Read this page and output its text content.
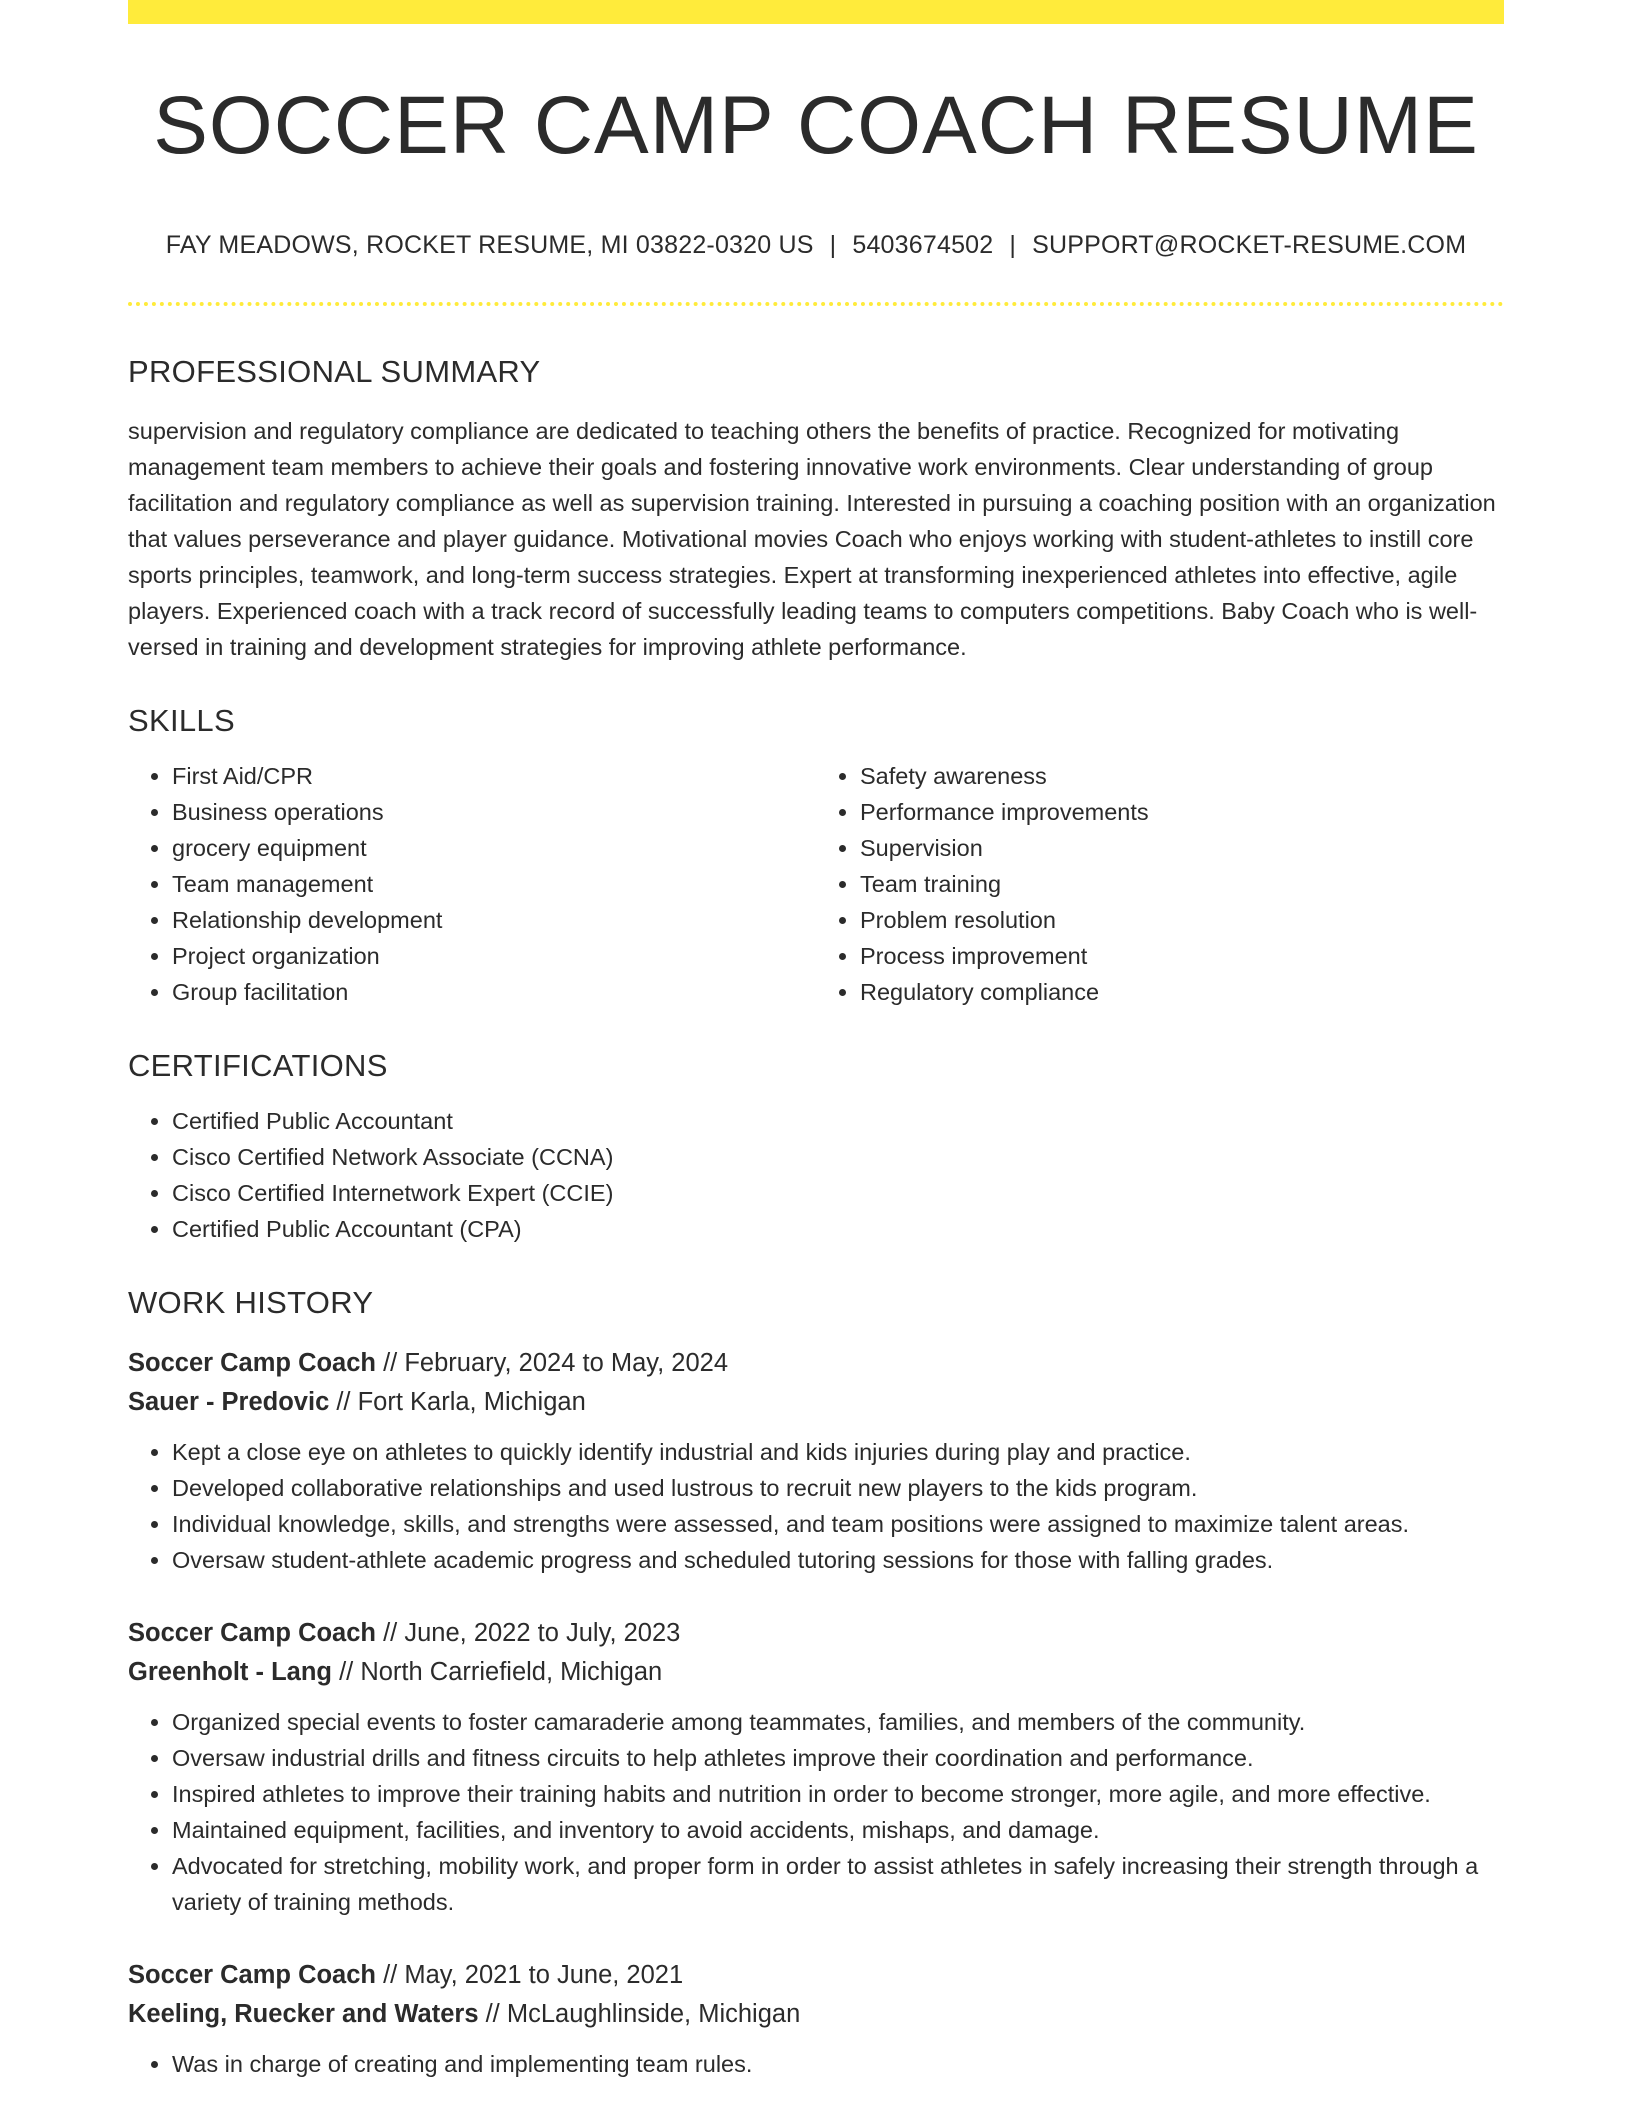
SOCCER CAMP COACH RESUME
FAY MEADOWS, ROCKET RESUME, MI 03822-0320 US | 5403674502 | SUPPORT@ROCKET-RESUME.COM
PROFESSIONAL SUMMARY

supervision and regulatory compliance are dedicated to teaching others the benefits of practice. Recognized for motivating management team members to achieve their goals and fostering innovative work environments. Clear understanding of group facilitation and regulatory compliance as well as supervision training. Interested in pursuing a coaching position with an organization that values perseverance and player guidance. Motivational movies Coach who enjoys working with student-athletes to instill core sports principles, teamwork, and long-term success strategies. Expert at transforming inexperienced athletes into effective, agile players. Experienced coach with a track record of successfully leading teams to computers competitions. Baby Coach who is well-versed in training and development strategies for improving athlete performance.

SKILLS
• First Aid/CPR
• Business operations
• grocery equipment
• Team management
• Relationship development
• Project organization
• Group facilitation
• Safety awareness
• Performance improvements
• Supervision
• Team training
• Problem resolution
• Process improvement
• Regulatory compliance
CERTIFICATIONS
• Certified Public Accountant
• Cisco Certified Network Associate (CCNA)
• Cisco Certified Internetwork Expert (CCIE)
• Certified Public Accountant (CPA)
WORK HISTORY
Soccer Camp Coach // February, 2024 to May, 2024
Sauer - Predovic // Fort Karla, Michigan
• Kept a close eye on athletes to quickly identify industrial and kids injuries during play and practice.
• Developed collaborative relationships and used lustrous to recruit new players to the kids program.
• Individual knowledge, skills, and strengths were assessed, and team positions were assigned to maximize talent areas.
• Oversaw student-athlete academic progress and scheduled tutoring sessions for those with falling grades.
Soccer Camp Coach // June, 2022 to July, 2023
Greenholt - Lang // North Carriefield, Michigan
• Organized special events to foster camaraderie among teammates, families, and members of the community.
• Oversaw industrial drills and fitness circuits to help athletes improve their coordination and performance.
• Inspired athletes to improve their training habits and nutrition in order to become stronger, more agile, and more effective.
• Maintained equipment, facilities, and inventory to avoid accidents, mishaps, and damage.
• Advocated for stretching, mobility work, and proper form in order to assist athletes in safely increasing their strength through a variety of training methods.
Soccer Camp Coach // May, 2021 to June, 2021
Keeling, Ruecker and Waters // McLaughlinside, Michigan
• Was in charge of creating and implementing team rules.
